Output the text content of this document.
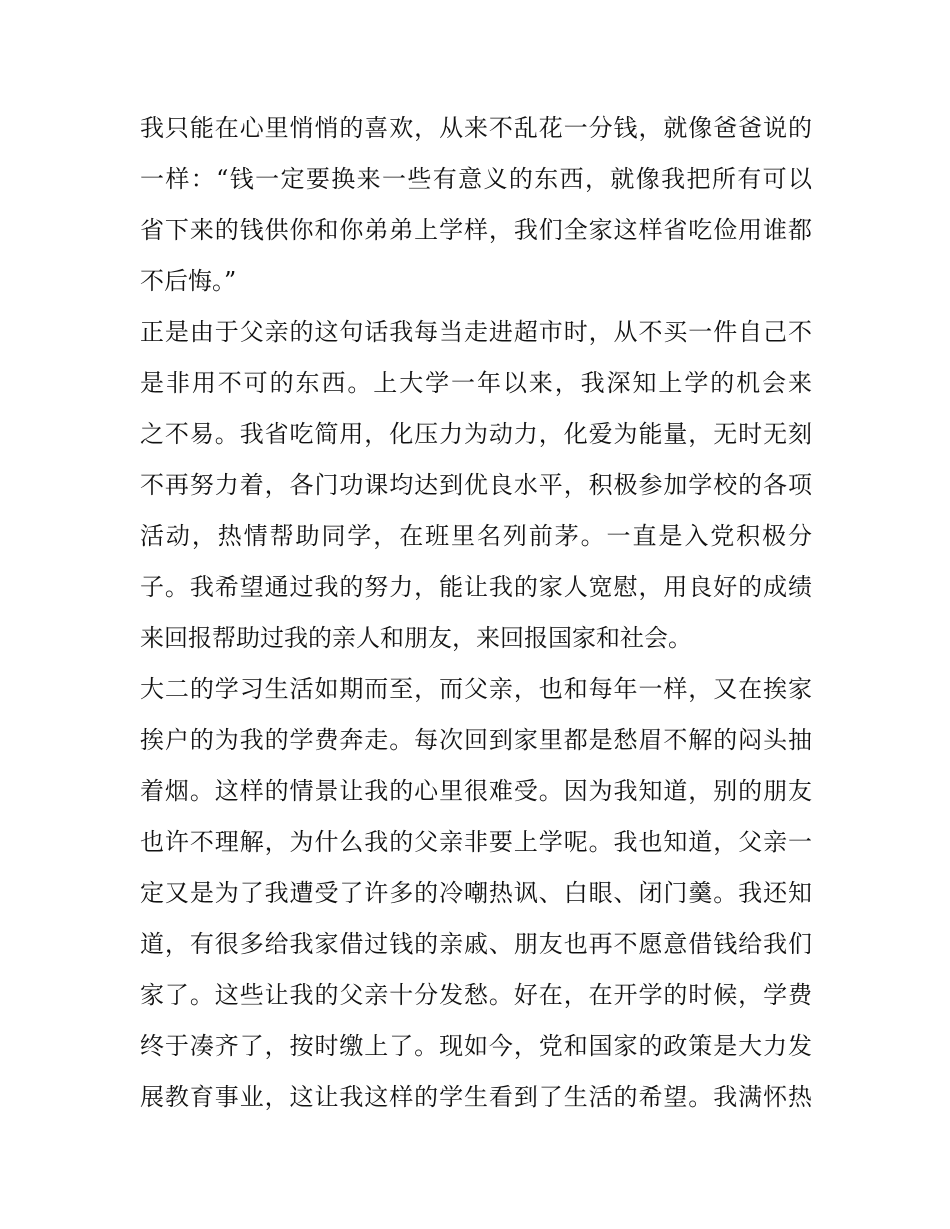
我只能在心里悄悄的喜欢，从来不乱花一分钱，就像爸爸说的
一样：“钱一定要换来一些有意义的东西，就像我把所有可以
省下来的钱供你和你弟弟上学样，我们全家这样省吃俭用谁都
不后悔。”
正是由于父亲的这句话我每当走进超市时，从不买一件自己不
是非用不可的东西。上大学一年以来，我深知上学的机会来
之不易。我省吃简用，化压力为动力，化爱为能量，无时无刻
不再努力着，各门功课均达到优良水平，积极参加学校的各项
活动，热情帮助同学，在班里名列前茅。一直是入党积极分
子。我希望通过我的努力，能让我的家人宽慰，用良好的成绩
来回报帮助过我的亲人和朋友，来回报国家和社会。
大二的学习生活如期而至，而父亲，也和每年一样，又在挨家
挨户的为我的学费奔走。每次回到家里都是愁眉不解的闷头抽
着烟。这样的情景让我的心里很难受。因为我知道，别的朋友
也许不理解，为什么我的父亲非要上学呢。我也知道，父亲一
定又是为了我遭受了许多的冷嘲热讽、白眼、闭门羹。我还知
道，有很多给我家借过钱的亲戚、朋友也再不愿意借钱给我们
家了。这些让我的父亲十分发愁。好在，在开学的时候，学费
终于凑齐了，按时缴上了。现如今，党和国家的政策是大力发
展教育事业，这让我这样的学生看到了生活的希望。我满怀热
